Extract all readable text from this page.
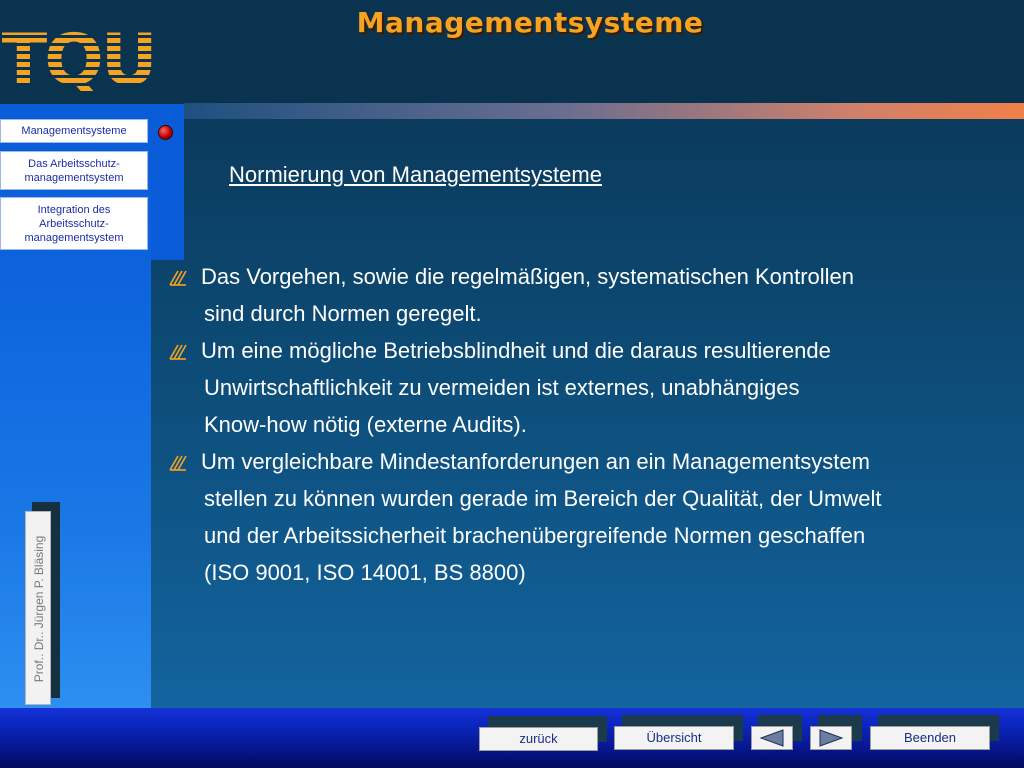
Managementsysteme
Managementsysteme
Das Arbeitsschutz-managementsystem
Integration des Arbeitsschutz-managementsystem
Prof.. Dr.. Jürgen P. Bläsing
Normierung von Managementsysteme
Das Vorgehen, sowie die regelmäßigen, systematischen Kontrollen
sind durch Normen geregelt.
Um eine mögliche Betriebsblindheit und die daraus resultierende
Unwirtschaftlichkeit zu vermeiden ist externes, unabhängiges
Know-how nötig (externe Audits).
Um vergleichbare Mindestanforderungen an ein Managementsystem
stellen zu können wurden gerade im Bereich der Qualität, der Umwelt
und der Arbeitssicherheit brachenübergreifende Normen geschaffen
(ISO 9001, ISO 14001, BS 8800)
zurück	Übersicht	Beenden
